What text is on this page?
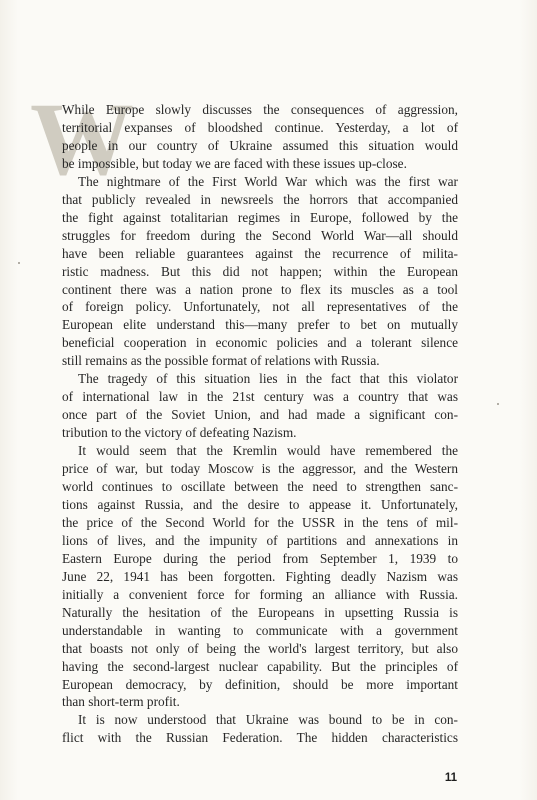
W
While Europe slowly discusses the consequences of aggression,
territorial expanses of bloodshed continue. Yesterday, a lot of
people in our country of Ukraine assumed this situation would
be impossible, but today we are faced with these issues up-close.
The nightmare of the First World War which was the first war
that publicly revealed in newsreels the horrors that accompanied
the fight against totalitarian regimes in Europe, followed by the
struggles for freedom during the Second World War—all should
have been reliable guarantees against the recurrence of milita-
ristic madness. But this did not happen; within the European
continent there was a nation prone to flex its muscles as a tool
of foreign policy. Unfortunately, not all representatives of the
European elite understand this—many prefer to bet on mutually
beneficial cooperation in economic policies and a tolerant silence
still remains as the possible format of relations with Russia.
The tragedy of this situation lies in the fact that this violator
of international law in the 21st century was a country that was
once part of the Soviet Union, and had made a significant con-
tribution to the victory of defeating Nazism.
It would seem that the Kremlin would have remembered the
price of war, but today Moscow is the aggressor, and the Western
world continues to oscillate between the need to strengthen sanc-
tions against Russia, and the desire to appease it. Unfortunately,
the price of the Second World for the USSR in the tens of mil-
lions of lives, and the impunity of partitions and annexations in
Eastern Europe during the period from September 1, 1939 to
June 22, 1941 has been forgotten. Fighting deadly Nazism was
initially a convenient force for forming an alliance with Russia.
Naturally the hesitation of the Europeans in upsetting Russia is
understandable in wanting to communicate with a government
that boasts not only of being the world's largest territory, but also
having the second-largest nuclear capability. But the principles of
European democracy, by definition, should be more important
than short-term profit.
It is now understood that Ukraine was bound to be in con-
flict with the Russian Federation. The hidden characteristics
11
